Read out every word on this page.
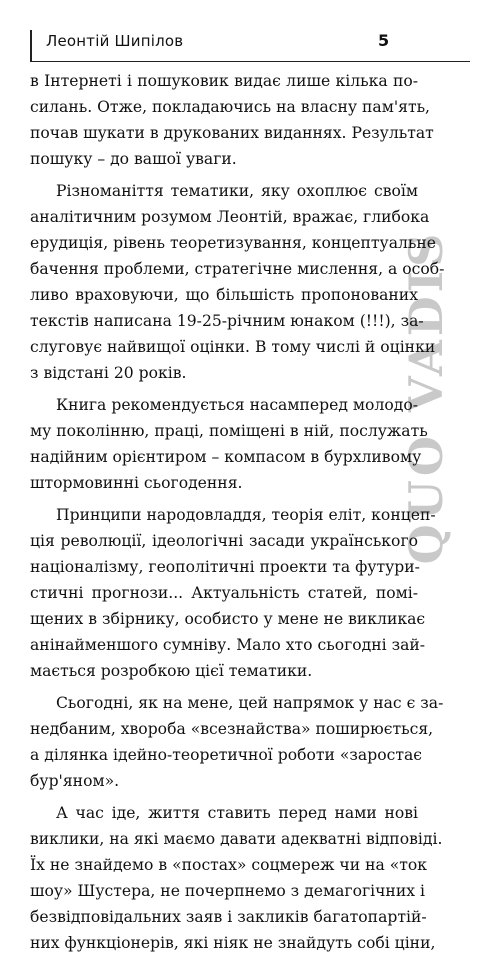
Леонтій Шипілов	5
QUO VADIS
в Інтернеті і пошуковик видає лише кілька по-
силань. Отже, покладаючись на власну пам'ять,
почав шукати в друкованих виданнях. Результат
пошуку – до вашої уваги.
Різноманіття тематики, яку охоплює своїм
аналітичним розумом Леонтій, вражає, глибока
ерудиція, рівень теоретизування, концептуальне
бачення проблеми, стратегічне мислення, а особ-
ливо враховуючи, що більшість пропонованих
текстів написана 19-25-річним юнаком (!!!), за-
слуговує найвищої оцінки. В тому числі й оцінки
з відстані 20 років.
Книга рекомендується насамперед молодо-
му поколінню, праці, поміщені в ній, послужать
надійним орієнтиром – компасом в бурхливому
штормовинні сьогодення.
Принципи народовладдя, теорія еліт, концеп-
ція революції, ідеологічні засади українського
націоналізму, геополітичні проекти та футури-
стичні прогнози... Актуальність статей, помі-
щених в збірнику, особисто у мене не викликає
анінайменшого сумніву. Мало хто сьогодні зай-
мається розробкою цієї тематики.
Сьогодні, як на мене, цей напрямок у нас є за-
недбаним, хвороба «всезнайства» поширюється,
а ділянка ідейно-теоретичної роботи «заростає
бур'яном».
А час іде, життя ставить перед нами нові
виклики, на які маємо давати адекватні відповіді.
Їх не знайдемо в «постах» соцмереж чи на «ток
шоу» Шустера, не почерпнемо з демагогічних і
безвідповідальних заяв і закликів багатопартій-
них функціонерів, які ніяк не знайдуть собі ціни,
